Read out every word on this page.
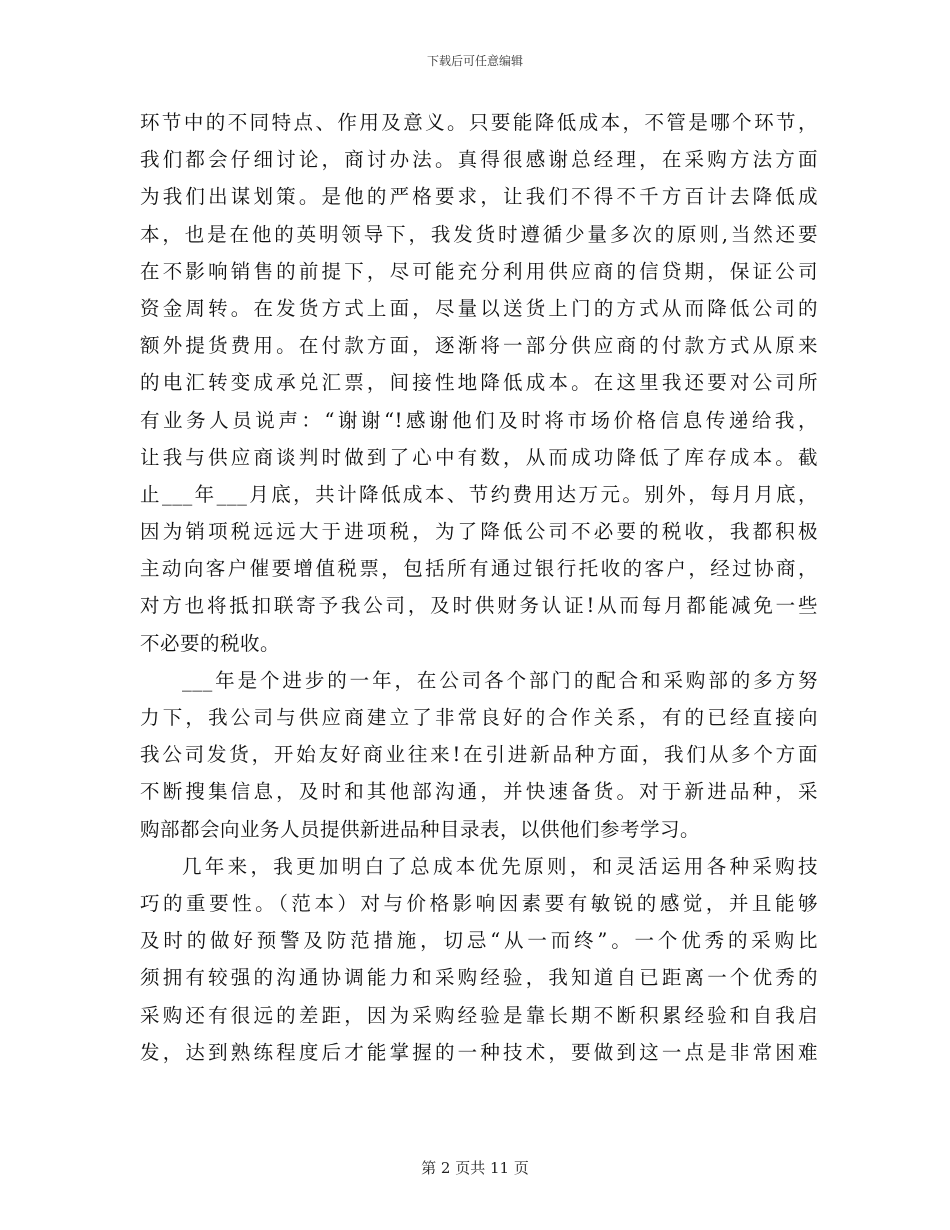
下载后可任意编辑
环节中的不同特点、作用及意义。只要能降低成本，不管是哪个环节，
我们都会仔细讨论，商讨办法。真得很感谢总经理，在采购方法方面
为我们出谋划策。是他的严格要求，让我们不得不千方百计去降低成
本，也是在他的英明领导下，我发货时遵循少量多次的原则,当然还要
在不影响销售的前提下，尽可能充分利用供应商的信贷期，保证公司
资金周转。在发货方式上面，尽量以送货上门的方式从而降低公司的
额外提货费用。在付款方面，逐渐将一部分供应商的付款方式从原来
的电汇转变成承兑汇票，间接性地降低成本。在这里我还要对公司所
有业务人员说声：“谢谢“!感谢他们及时将市场价格信息传递给我，
让我与供应商谈判时做到了心中有数，从而成功降低了库存成本。截
止___年___月底，共计降低成本、节约费用达万元。别外，每月月底，
因为销项税远远大于进项税，为了降低公司不必要的税收，我都积极
主动向客户催要增值税票，包括所有通过银行托收的客户，经过协商，
对方也将抵扣联寄予我公司，及时供财务认证!从而每月都能减免一些
不必要的税收。
___年是个进步的一年，在公司各个部门的配合和采购部的多方努
力下，我公司与供应商建立了非常良好的合作关系，有的已经直接向
我公司发货，开始友好商业往来!在引进新品种方面，我们从多个方面
不断搜集信息，及时和其他部沟通，并快速备货。对于新进品种，采
购部都会向业务人员提供新进品种目录表，以供他们参考学习。
几年来，我更加明白了总成本优先原则，和灵活运用各种采购技
巧的重要性。（范本）对与价格影响因素要有敏锐的感觉，并且能够
及时的做好预警及防范措施，切忌“从一而终”。一个优秀的采购比
须拥有较强的沟通协调能力和采购经验，我知道自已距离一个优秀的
采购还有很远的差距，因为采购经验是靠长期不断积累经验和自我启
发，达到熟练程度后才能掌握的一种技术，要做到这一点是非常困难
第 2 页共 11 页
